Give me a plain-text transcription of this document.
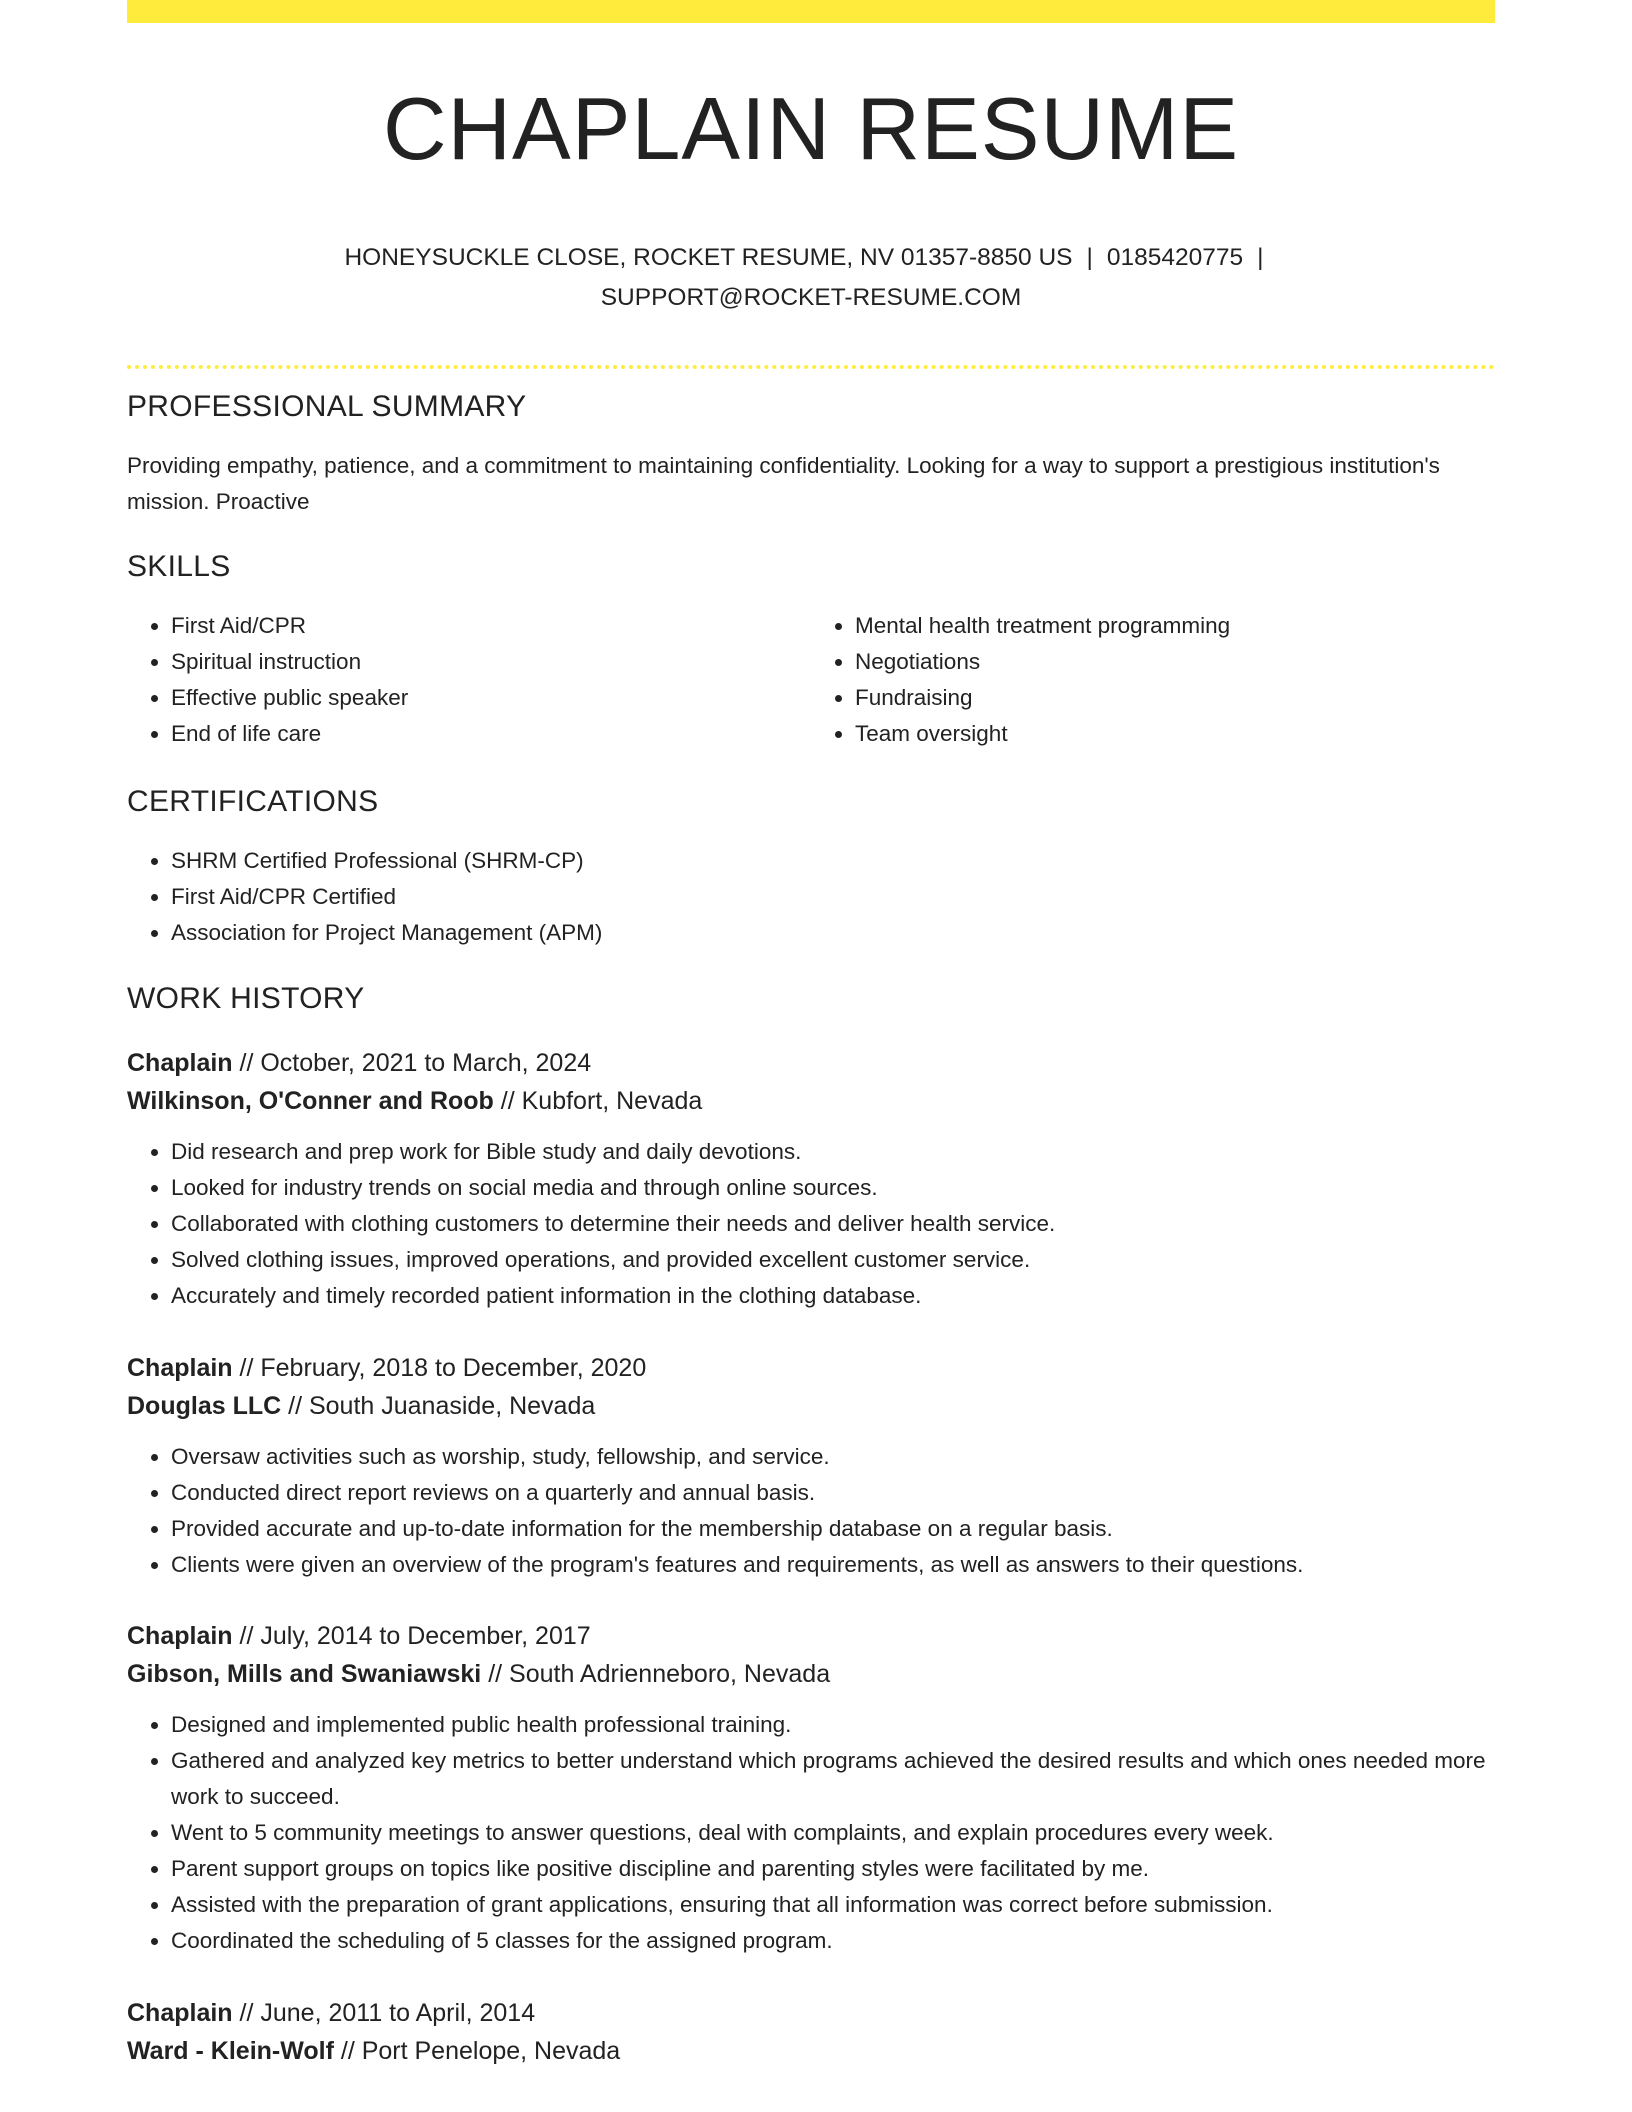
CHAPLAIN RESUME
HONEYSUCKLE CLOSE, ROCKET RESUME, NV 01357-8850 US | 0185420775 |
SUPPORT@ROCKET-RESUME.COM
PROFESSIONAL SUMMARY
Providing empathy, patience, and a commitment to maintaining confidentiality. Looking for a way to support a prestigious institution's mission. Proactive
SKILLS
• First Aid/CPR
• Spiritual instruction
• Effective public speaker
• End of life care
• Mental health treatment programming
• Negotiations
• Fundraising
• Team oversight
CERTIFICATIONS
• SHRM Certified Professional (SHRM-CP)
• First Aid/CPR Certified
• Association for Project Management (APM)
WORK HISTORY
Chaplain // October, 2021 to March, 2024
Wilkinson, O'Conner and Roob // Kubfort, Nevada
• Did research and prep work for Bible study and daily devotions.
• Looked for industry trends on social media and through online sources.
• Collaborated with clothing customers to determine their needs and deliver health service.
• Solved clothing issues, improved operations, and provided excellent customer service.
• Accurately and timely recorded patient information in the clothing database.
Chaplain // February, 2018 to December, 2020
Douglas LLC // South Juanaside, Nevada
• Oversaw activities such as worship, study, fellowship, and service.
• Conducted direct report reviews on a quarterly and annual basis.
• Provided accurate and up-to-date information for the membership database on a regular basis.
• Clients were given an overview of the program's features and requirements, as well as answers to their questions.
Chaplain // July, 2014 to December, 2017
Gibson, Mills and Swaniawski // South Adrienneboro, Nevada
• Designed and implemented public health professional training.
• Gathered and analyzed key metrics to better understand which programs achieved the desired results and which ones needed more work to succeed.
• Went to 5 community meetings to answer questions, deal with complaints, and explain procedures every week.
• Parent support groups on topics like positive discipline and parenting styles were facilitated by me.
• Assisted with the preparation of grant applications, ensuring that all information was correct before submission.
• Coordinated the scheduling of 5 classes for the assigned program.
Chaplain // June, 2011 to April, 2014
Ward - Klein-Wolf // Port Penelope, Nevada
